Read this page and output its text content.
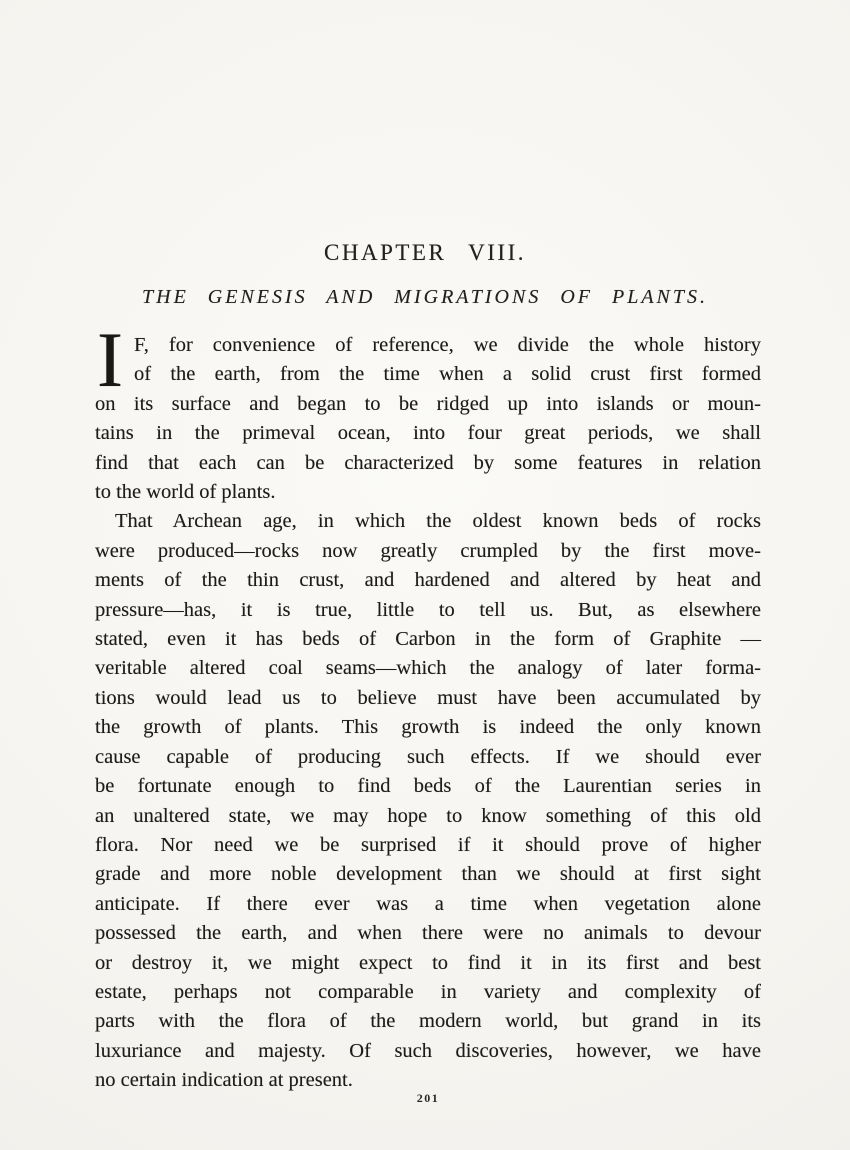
CHAPTER VIII.
THE GENESIS AND MIGRATIONS OF PLANTS.
I F, for convenience of reference, we divide the whole history
of the earth, from the time when a solid crust first formed
on its surface and began to be ridged up into islands or moun-
tains in the primeval ocean, into four great periods, we shall
find that each can be characterized by some features in relation
to the world of plants.
That Archean age, in which the oldest known beds of rocks
were produced—rocks now greatly crumpled by the first move-
ments of the thin crust, and hardened and altered by heat and
pressure—has, it is true, little to tell us. But, as elsewhere
stated, even it has beds of Carbon in the form of Graphite —
veritable altered coal seams—which the analogy of later forma-
tions would lead us to believe must have been accumulated by
the growth of plants. This growth is indeed the only known
cause capable of producing such effects. If we should ever
be fortunate enough to find beds of the Laurentian series in
an unaltered state, we may hope to know something of this old
flora. Nor need we be surprised if it should prove of higher
grade and more noble development than we should at first sight
anticipate. If there ever was a time when vegetation alone
possessed the earth, and when there were no animals to devour
or destroy it, we might expect to find it in its first and best
estate, perhaps not comparable in variety and complexity of
parts with the flora of the modern world, but grand in its
luxuriance and majesty. Of such discoveries, however, we have
no certain indication at present.
201
